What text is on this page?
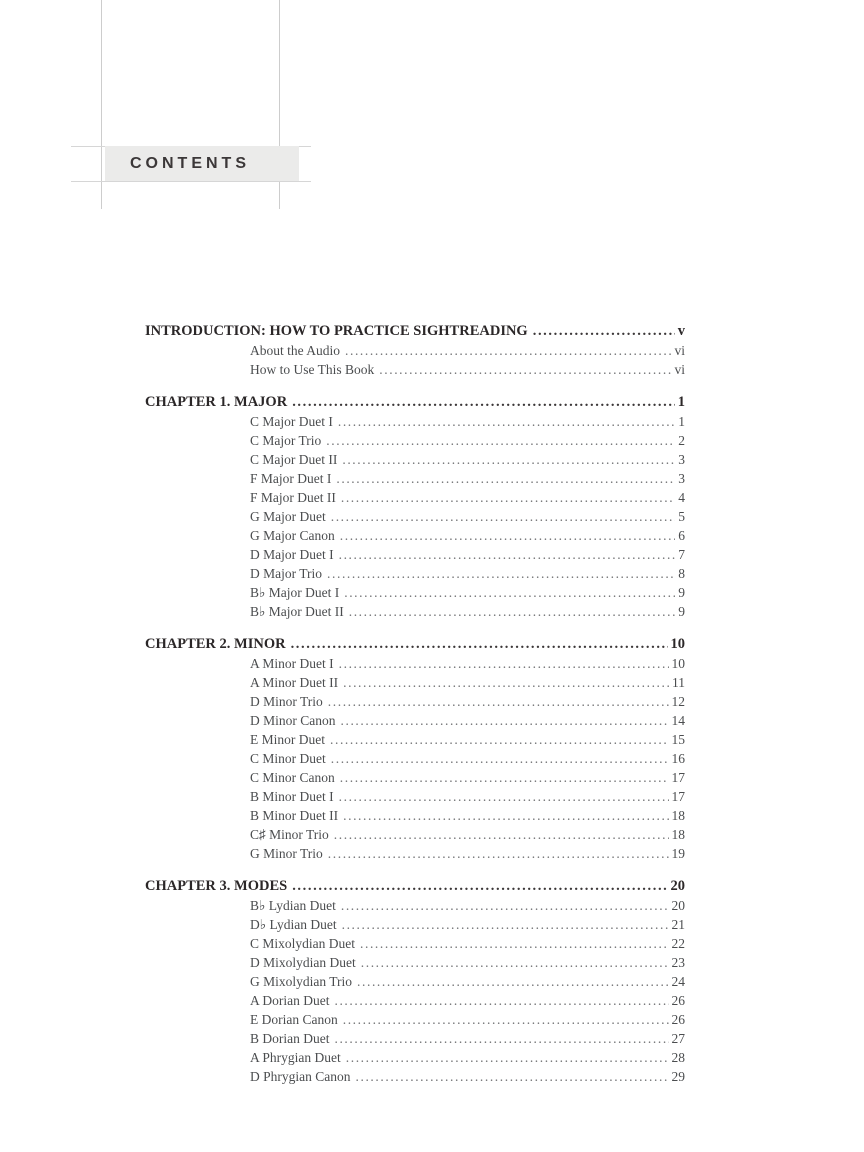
CONTENTS
INTRODUCTION: HOW TO PRACTICE SIGHTREADING .....	v
About the Audio .....	vi
How to Use This Book .....	vi
CHAPTER 1. MAJOR .....	1
C Major Duet I .....	1
C Major Trio .....	2
C Major Duet II .....	3
F Major Duet I .....	3
F Major Duet II .....	4
G Major Duet .....	5
G Major Canon .....	6
D Major Duet I .....	7
D Major Trio .....	8
B♭ Major Duet I .....	9
B♭ Major Duet II .....	9
CHAPTER 2. MINOR .....	10
A Minor Duet I .....	10
A Minor Duet II .....	11
D Minor Trio .....	12
D Minor Canon .....	14
E Minor Duet .....	15
C Minor Duet .....	16
C Minor Canon .....	17
B Minor Duet I .....	17
B Minor Duet II .....	18
C♯ Minor Trio .....	18
G Minor Trio .....	19
CHAPTER 3. MODES .....	20
B♭ Lydian Duet .....	20
D♭ Lydian Duet .....	21
C Mixolydian Duet .....	22
D Mixolydian Duet .....	23
G Mixolydian Trio .....	24
A Dorian Duet .....	26
E Dorian Canon .....	26
B Dorian Duet .....	27
A Phrygian Duet .....	28
D Phrygian Canon .....	29
